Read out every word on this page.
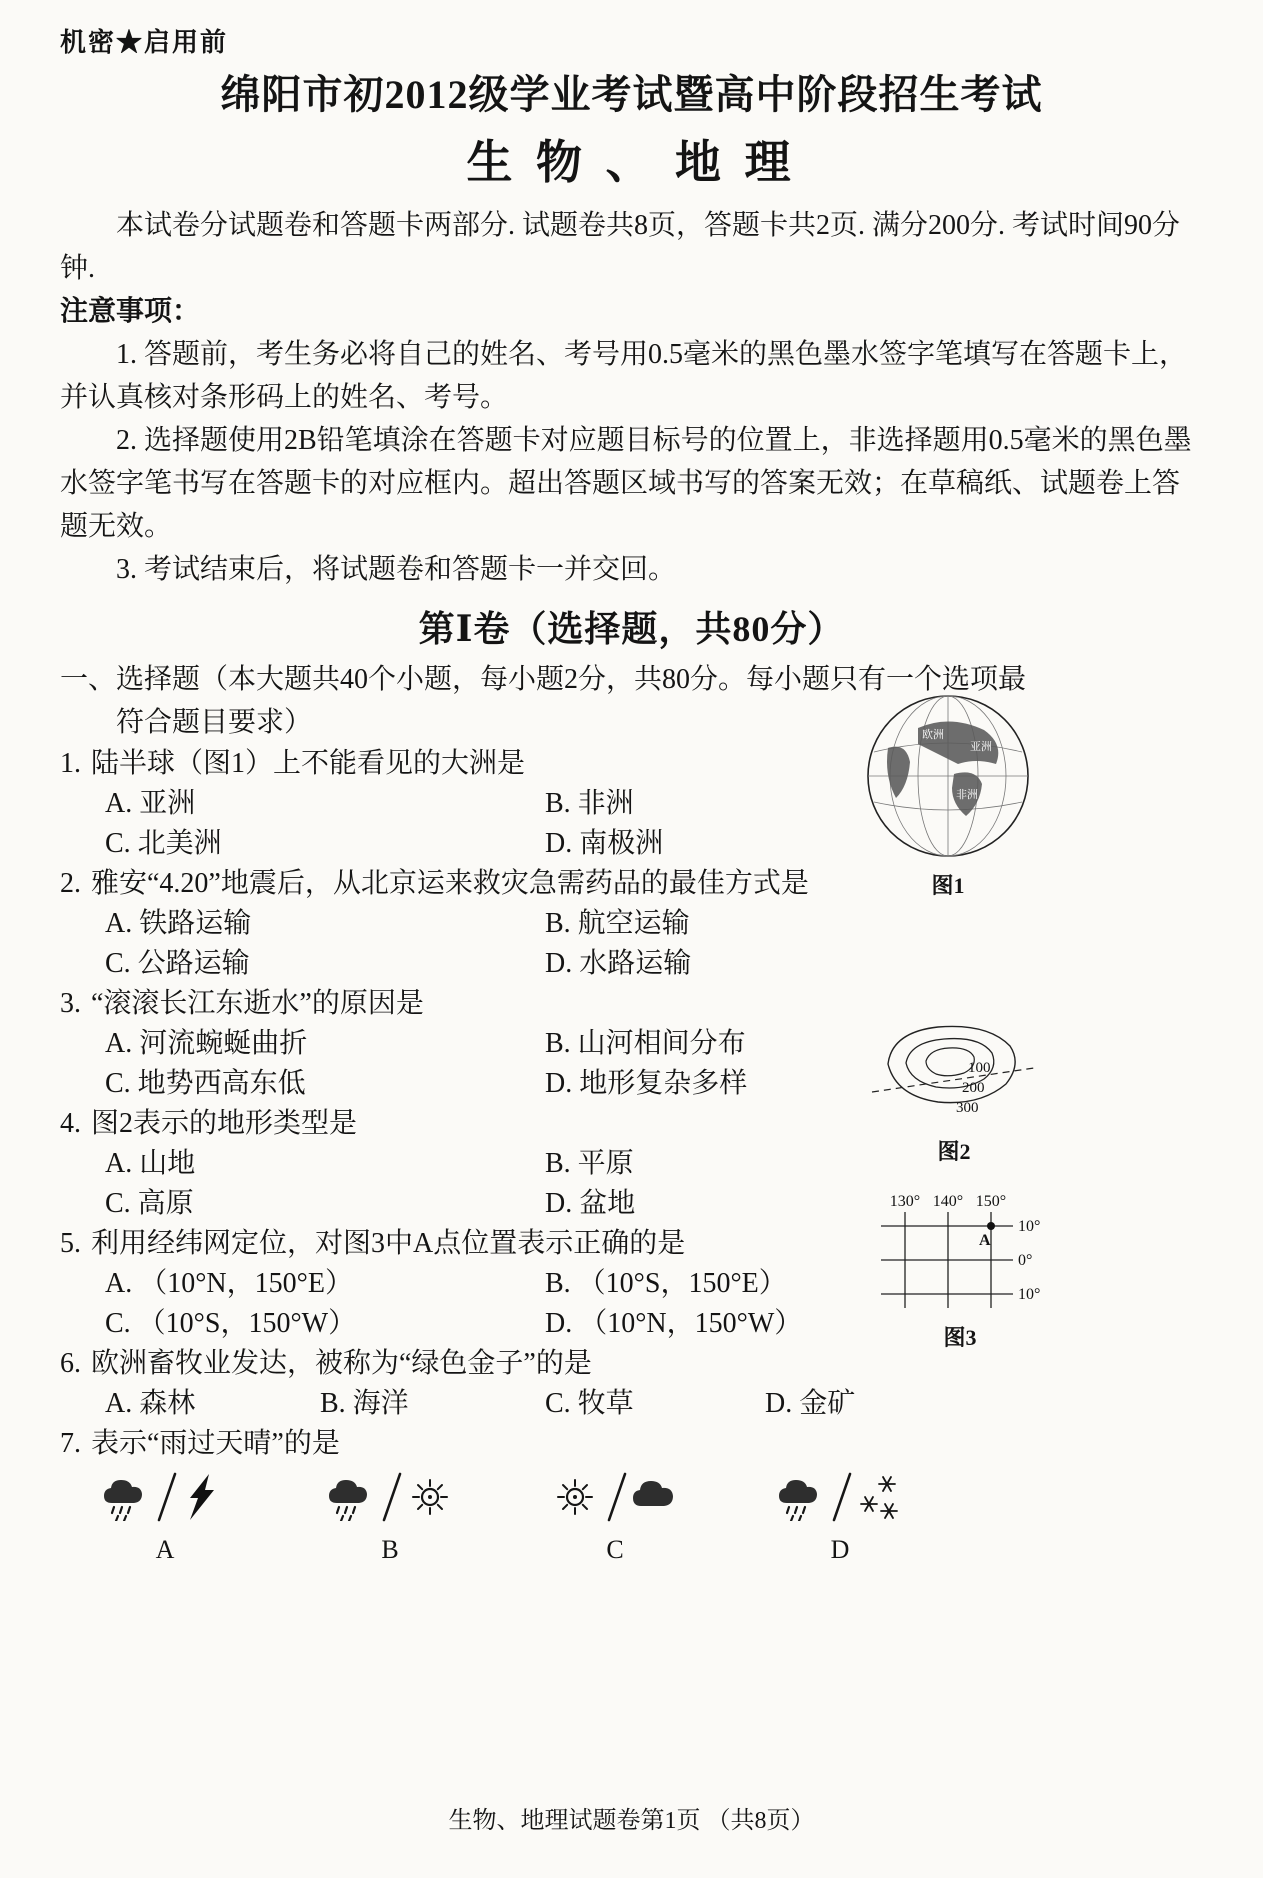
机密★启用前
绵阳市初2012级学业考试暨高中阶段招生考试
生 物 、 地 理

本试卷分试题卷和答题卡两部分. 试题卷共8页，答题卡共2页. 满分200分. 考试时间90分钟.

注意事项：

1. 答题前，考生务必将自己的姓名、考号用0.5毫米的黑色墨水签字笔填写在答题卡上，并认真核对条形码上的姓名、考号。

2. 选择题使用2B铅笔填涂在答题卡对应题目标号的位置上，非选择题用0.5毫米的黑色墨水签字笔书写在答题卡的对应框内。超出答题区域书写的答案无效；在草稿纸、试题卷上答题无效。

3. 考试结束后，将试题卷和答题卡一并交回。

第Ⅰ卷（选择题，共80分）

一、选择题（本大题共40个小题，每小题2分，共80分。每小题只有一个选项最符合题目要求）

1. 陆半球（图1）上不能看见的大洲是

A. 亚洲	B. 非洲
C. 北美洲	D. 南极洲

2. 雅安“4.20”地震后，从北京运来救灾急需药品的最佳方式是

A. 铁路运输	B. 航空运输
C. 公路运输	D. 水路运输

3. “滚滚长江东逝水”的原因是

A. 河流蜿蜒曲折	B. 山河相间分布
C. 地势西高东低	D. 地形复杂多样

4. 图2表示的地形类型是

A. 山地	B. 平原
C. 高原	D. 盆地

5. 利用经纬网定位，对图3中A点位置表示正确的是

A. （10°N，150°E）	B. （10°S，150°E）
C. （10°S，150°W）	D. （10°N，150°W）

6. 欧洲畜牧业发达，被称为“绿色金子”的是

A. 森林	B. 海洋	C. 牧草	D. 金矿

7. 表示“雨过天晴”的是

A	B	C	D
欧洲
亚洲
非洲
图1
100
200
300
图2
130° 140° 150°
A
10°
0°
10°
图3
生物、地理试题卷第1页 （共8页）
